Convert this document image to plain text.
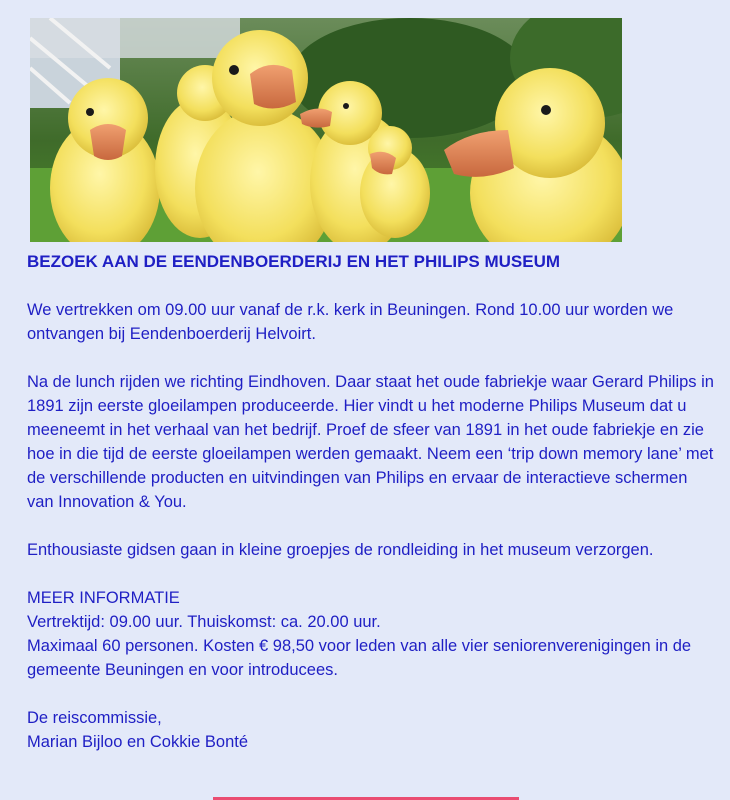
BEZOEK AAN DE EENDENBOERDERIJ EN HET PHILIPS MUSEUM

We vertrekken om 09.00 uur vanaf de r.k. kerk in Beuningen. Rond 10.00 uur worden we ontvangen bij Eendenboerderij Helvoirt.

Na de lunch rijden we richting Eindhoven. Daar staat het oude fabriekje waar Gerard Philips in 1891 zijn eerste gloeilampen produceerde. Hier vindt u het moderne Philips Museum dat u meeneemt in het verhaal van het bedrijf. Proef de sfeer van 1891 in het oude fabriekje en zie hoe in die tijd de eerste gloeilampen werden gemaakt. Neem een ‘trip down memory lane’ met de verschillende producten en uitvindingen van Philips en ervaar de interactieve schermen van Innovation & You.

Enthousiaste gidsen gaan in kleine groepjes de rondleiding in het museum verzorgen.

MEER INFORMATIE

Vertrektijd: 09.00 uur. Thuiskomst: ca. 20.00 uur.

Maximaal 60 personen. Kosten € 98,50 voor leden van alle vier seniorenverenigingen in de gemeente Beuningen en voor introducees.

De reiscommissie,

Marian Bijloo en Cokkie Bonté
